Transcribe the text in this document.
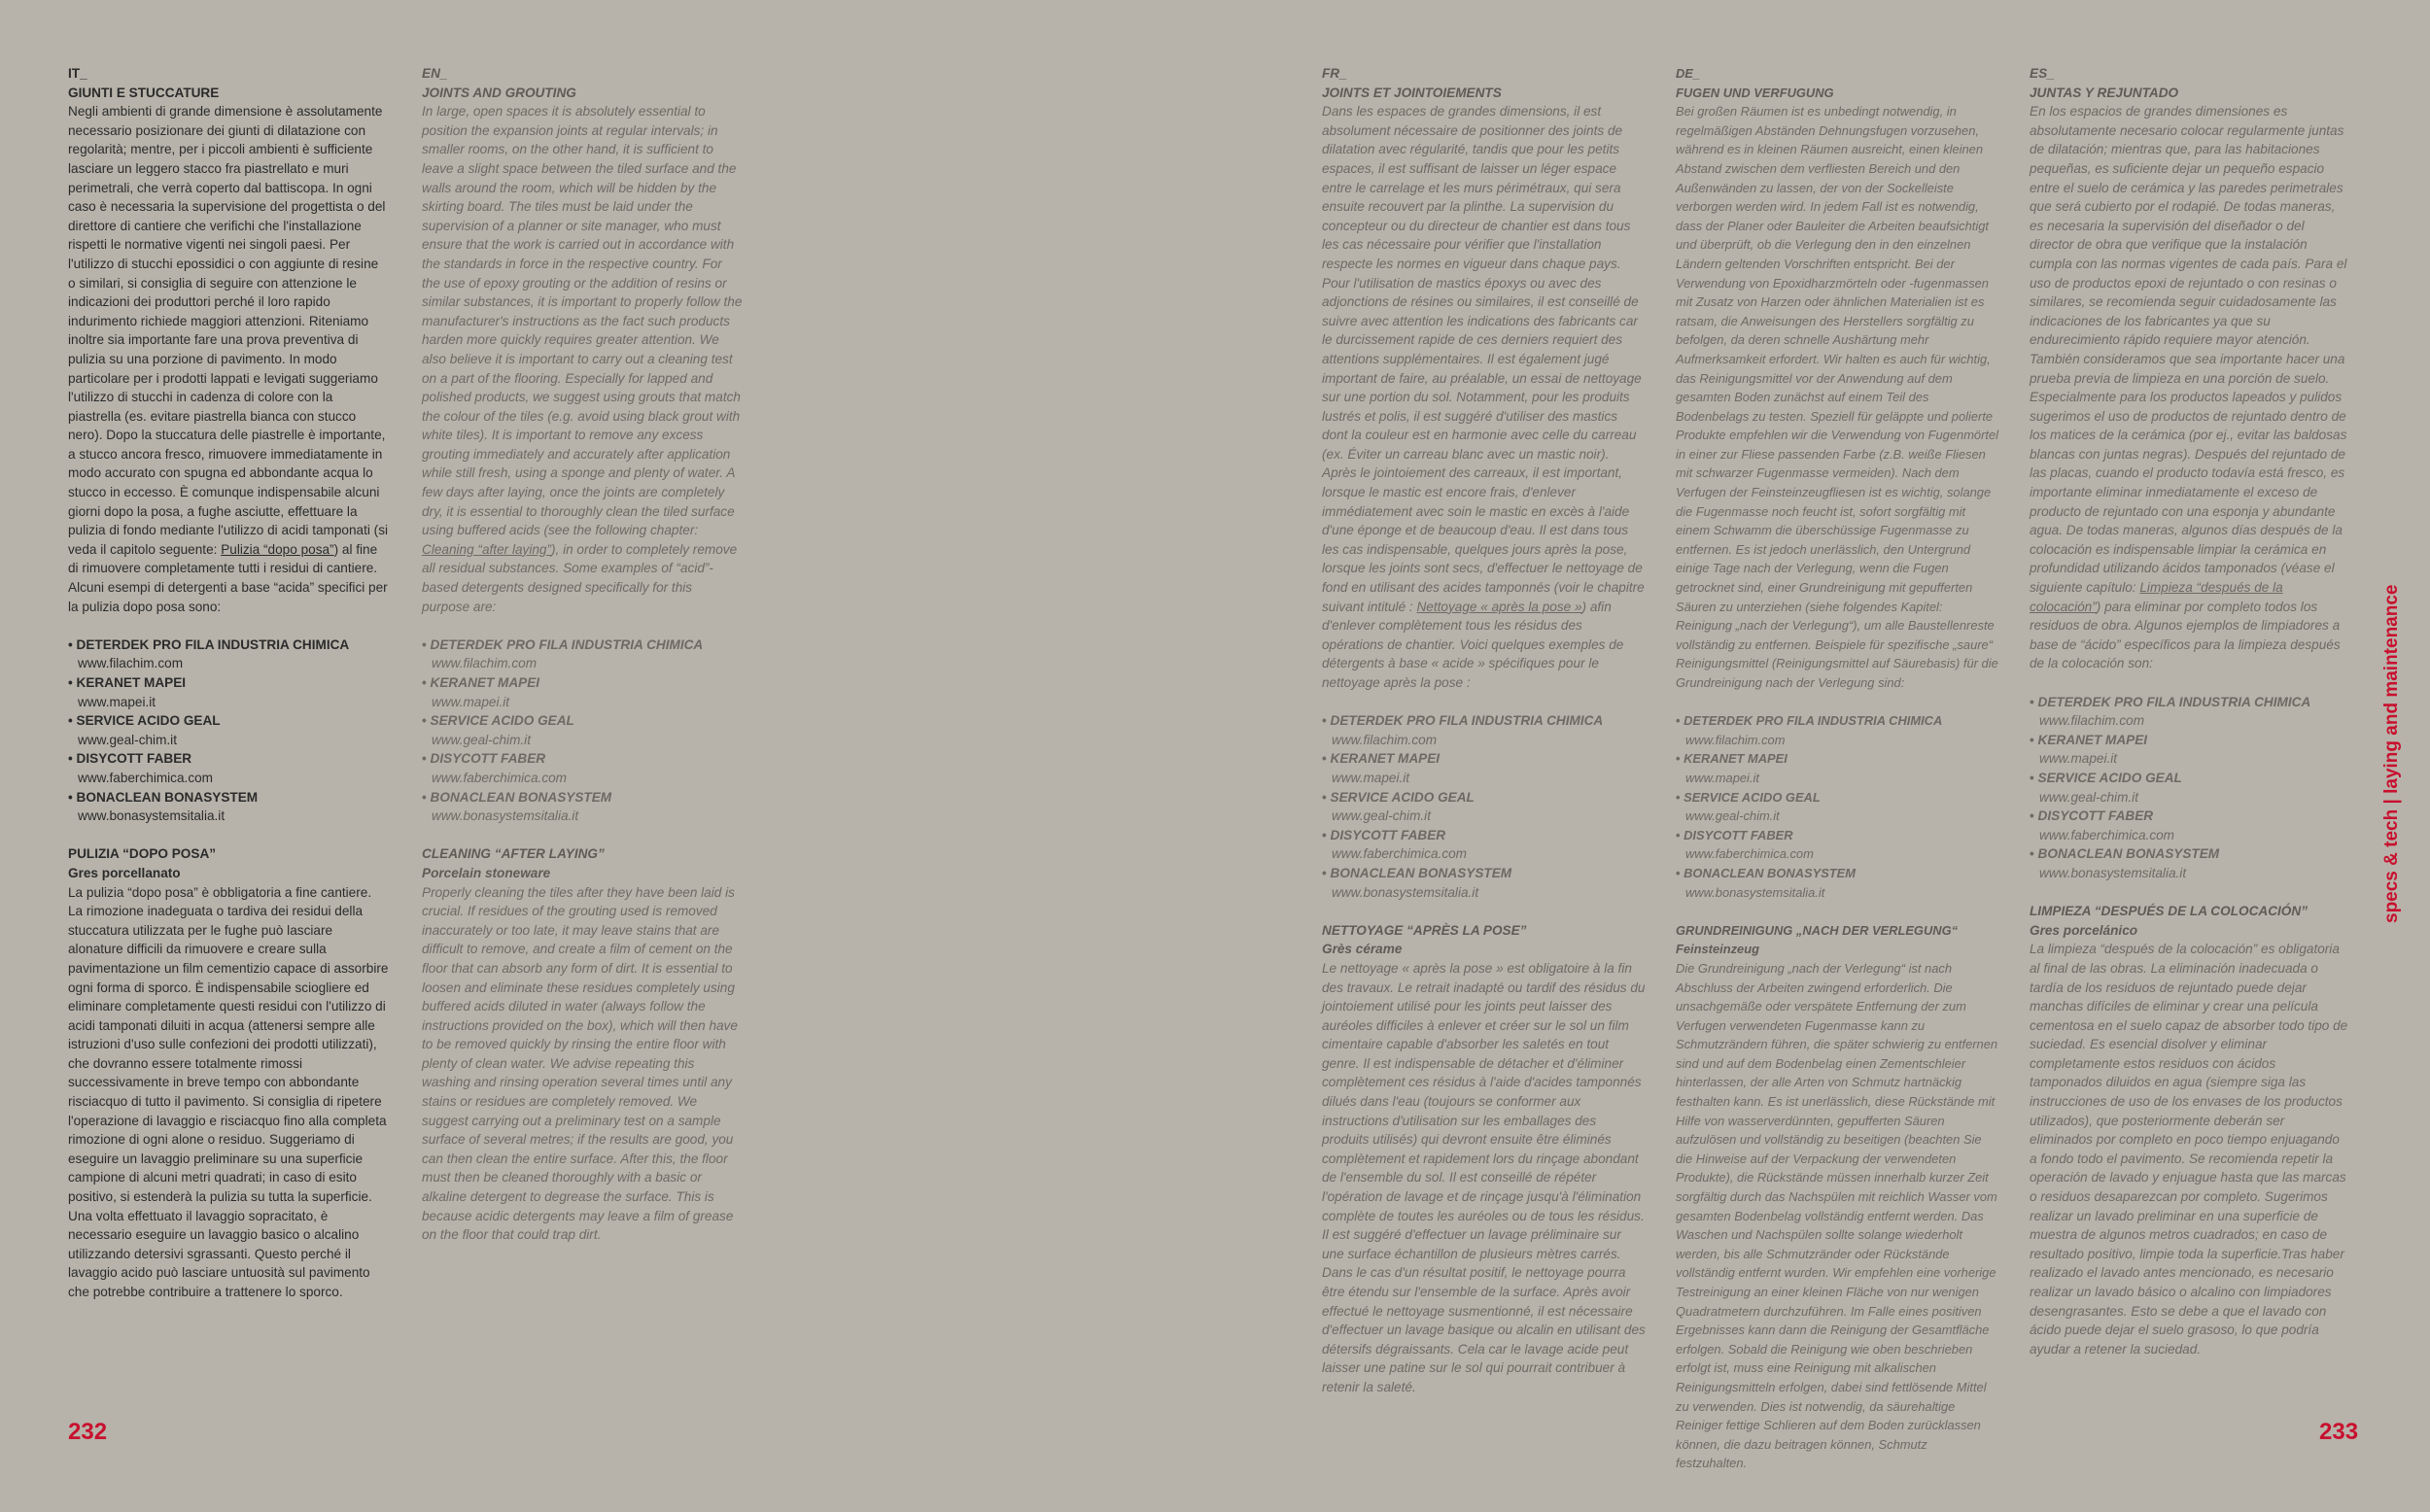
IT_
GIUNTI E STUCCATURE

Negli ambienti di grande dimensione è assolutamente necessario posizionare dei giunti di dilatazione con regolarità; mentre, per i piccoli ambienti è sufficiente lasciare un leggero stacco fra piastrellato e muri perimetrali, che verrà coperto dal battiscopa. In ogni caso è necessaria la supervisione del progettista o del direttore di cantiere che verifichi che l'installazione rispetti le normative vigenti nei singoli paesi. Per l'utilizzo di stucchi epossidici o con aggiunte di resine o similari, si consiglia di seguire con attenzione le indicazioni dei produttori perché il loro rapido indurimento richiede maggiori attenzioni. Riteniamo inoltre sia importante fare una prova preventiva di pulizia su una porzione di pavimento. In modo particolare per i prodotti lappati e levigati suggeriamo l'utilizzo di stucchi in cadenza di colore con la piastrella (es. evitare piastrella bianca con stucco nero). Dopo la stuccatura delle piastrelle è importante, a stucco ancora fresco, rimuovere immediatamente in modo accurato con spugna ed abbondante acqua lo stucco in eccesso. È comunque indispensabile alcuni giorni dopo la posa, a fughe asciutte, effettuare la pulizia di fondo mediante l'utilizzo di acidi tamponati (si veda il capitolo seguente: Pulizia “dopo posa”) al fine di rimuovere completamente tutti i residui di cantiere. Alcuni esempi di detergenti a base “acida” specifici per la pulizia dopo posa sono:

• DETERDEK PRO FILA INDUSTRIA CHIMICA
www.filachim.com
• KERANET MAPEI
www.mapei.it
• SERVICE ACIDO GEAL
www.geal-chim.it
• DISYCOTT FABER
www.faberchimica.com
• BONACLEAN BONASYSTEM
www.bonasystemsitalia.it
PULIZIA “DOPO POSA”
Gres porcellanato

La pulizia “dopo posa” è obbligatoria a fine cantiere. La rimozione inadeguata o tardiva dei residui della stuccatura utilizzata per le fughe può lasciare alonature difficili da rimuovere e creare sulla pavimentazione un film cementizio capace di assorbire ogni forma di sporco. È indispensabile sciogliere ed eliminare completamente questi residui con l'utilizzo di acidi tamponati diluiti in acqua (attenersi sempre alle istruzioni d'uso sulle confezioni dei prodotti utilizzati), che dovranno essere totalmente rimossi successivamente in breve tempo con abbondante risciacquo di tutto il pavimento. Si consiglia di ripetere l'operazione di lavaggio e risciacquo fino alla completa rimozione di ogni alone o residuo. Suggeriamo di eseguire un lavaggio preliminare su una superficie campione di alcuni metri quadrati; in caso di esito positivo, si estenderà la pulizia su tutta la superficie. Una volta effettuato il lavaggio sopracitato, è necessario eseguire un lavaggio basico o alcalino utilizzando detersivi sgrassanti. Questo perché il lavaggio acido può lasciare untuosità sul pavimento che potrebbe contribuire a trattenere lo sporco.

EN_
JOINTS AND GROUTING

In large, open spaces it is absolutely essential to position the expansion joints at regular intervals; in smaller rooms, on the other hand, it is sufficient to leave a slight space between the tiled surface and the walls around the room, which will be hidden by the skirting board. The tiles must be laid under the supervision of a planner or site manager, who must ensure that the work is carried out in accordance with the standards in force in the respective country. For the use of epoxy grouting or the addition of resins or similar substances, it is important to properly follow the manufacturer's instructions as the fact such products harden more quickly requires greater attention. We also believe it is important to carry out a cleaning test on a part of the flooring. Especially for lapped and polished products, we suggest using grouts that match the colour of the tiles (e.g. avoid using black grout with white tiles). It is important to remove any excess grouting immediately and accurately after application while still fresh, using a sponge and plenty of water. A few days after laying, once the joints are completely dry, it is essential to thoroughly clean the tiled surface using buffered acids (see the following chapter: Cleaning “after laying”), in order to completely remove all residual substances. Some examples of “acid”-based detergents designed specifically for this purpose are:

• DETERDEK PRO FILA INDUSTRIA CHIMICA
www.filachim.com
• KERANET MAPEI
www.mapei.it
• SERVICE ACIDO GEAL
www.geal-chim.it
• DISYCOTT FABER
www.faberchimica.com
• BONACLEAN BONASYSTEM
www.bonasystemsitalia.it
CLEANING “AFTER LAYING”
Porcelain stoneware

Properly cleaning the tiles after they have been laid is crucial. If residues of the grouting used is removed inaccurately or too late, it may leave stains that are difficult to remove, and create a film of cement on the floor that can absorb any form of dirt. It is essential to loosen and eliminate these residues completely using buffered acids diluted in water (always follow the instructions provided on the box), which will then have to be removed quickly by rinsing the entire floor with plenty of clean water. We advise repeating this washing and rinsing operation several times until any stains or residues are completely removed. We suggest carrying out a preliminary test on a sample surface of several metres; if the results are good, you can then clean the entire surface. After this, the floor must then be cleaned thoroughly with a basic or alkaline detergent to degrease the surface. This is because acidic detergents may leave a film of grease on the floor that could trap dirt.

FR_
JOINTS ET JOINTOIEMENTS

Dans les espaces de grandes dimensions, il est absolument nécessaire de positionner des joints de dilatation avec régularité, tandis que pour les petits espaces, il est suffisant de laisser un léger espace entre le carrelage et les murs périmétraux, qui sera ensuite recouvert par la plinthe. La supervision du concepteur ou du directeur de chantier est dans tous les cas nécessaire pour vérifier que l'installation respecte les normes en vigueur dans chaque pays. Pour l'utilisation de mastics époxys ou avec des adjonctions de résines ou similaires, il est conseillé de suivre avec attention les indications des fabricants car le durcissement rapide de ces derniers requiert des attentions supplémentaires. Il est également jugé important de faire, au préalable, un essai de nettoyage sur une portion du sol. Notamment, pour les produits lustrés et polis, il est suggéré d'utiliser des mastics dont la couleur est en harmonie avec celle du carreau (ex. Éviter un carreau blanc avec un mastic noir). Après le jointoiement des carreaux, il est important, lorsque le mastic est encore frais, d'enlever immédiatement avec soin le mastic en excès à l'aide d'une éponge et de beaucoup d'eau. Il est dans tous les cas indispensable, quelques jours après la pose, lorsque les joints sont secs, d'effectuer le nettoyage de fond en utilisant des acides tamponnés (voir le chapitre suivant intitulé : Nettoyage « après la pose ») afin d'enlever complètement tous les résidus des opérations de chantier. Voici quelques exemples de détergents à base « acide » spécifiques pour le nettoyage après la pose :

• DETERDEK PRO FILA INDUSTRIA CHIMICA
www.filachim.com
• KERANET MAPEI
www.mapei.it
• SERVICE ACIDO GEAL
www.geal-chim.it
• DISYCOTT FABER
www.faberchimica.com
• BONACLEAN BONASYSTEM
www.bonasystemsitalia.it
NETTOYAGE “APRÈS LA POSE”
Grès cérame

Le nettoyage « après la pose » est obligatoire à la fin des travaux. Le retrait inadapté ou tardif des résidus du jointoiement utilisé pour les joints peut laisser des auréoles difficiles à enlever et créer sur le sol un film cimentaire capable d'absorber les saletés en tout genre. Il est indispensable de détacher et d'éliminer complètement ces résidus à l'aide d'acides tamponnés dilués dans l'eau (toujours se conformer aux instructions d'utilisation sur les emballages des produits utilisés) qui devront ensuite être éliminés complètement et rapidement lors du rinçage abondant de l'ensemble du sol. Il est conseillé de répéter l'opération de lavage et de rinçage jusqu'à l'élimination complète de toutes les auréoles ou de tous les résidus. Il est suggéré d'effectuer un lavage préliminaire sur une surface échantillon de plusieurs mètres carrés. Dans le cas d'un résultat positif, le nettoyage pourra être étendu sur l'ensemble de la surface. Après avoir effectué le nettoyage susmentionné, il est nécessaire d'effectuer un lavage basique ou alcalin en utilisant des détersifs dégraissants. Cela car le lavage acide peut laisser une patine sur le sol qui pourrait contribuer à retenir la saleté.

DE_
FUGEN UND VERFUGUNG

Bei großen Räumen ist es unbedingt notwendig, in regelmäßigen Abständen Dehnungsfugen vorzusehen, während es in kleinen Räumen ausreicht, einen kleinen Abstand zwischen dem verfliesten Bereich und den Außenwänden zu lassen, der von der Sockelleiste verborgen werden wird. In jedem Fall ist es notwendig, dass der Planer oder Bauleiter die Arbeiten beaufsichtigt und überprüft, ob die Verlegung den in den einzelnen Ländern geltenden Vorschriften entspricht. Bei der Verwendung von Epoxidharzmörteln oder -fugenmassen mit Zusatz von Harzen oder ähnlichen Materialien ist es ratsam, die Anweisungen des Herstellers sorgfältig zu befolgen, da deren schnelle Aushärtung mehr Aufmerksamkeit erfordert. Wir halten es auch für wichtig, das Reinigungsmittel vor der Anwendung auf dem gesamten Boden zunächst auf einem Teil des Bodenbelags zu testen. Speziell für geläppte und polierte Produkte empfehlen wir die Verwendung von Fugenmörtel in einer zur Fliese passenden Farbe (z.B. weiße Fliesen mit schwarzer Fugenmasse vermeiden). Nach dem Verfugen der Feinsteinzeugfliesen ist es wichtig, solange die Fugenmasse noch feucht ist, sofort sorgfältig mit einem Schwamm die überschüssige Fugenmasse zu entfernen. Es ist jedoch unerlässlich, den Untergrund einige Tage nach der Verlegung, wenn die Fugen getrocknet sind, einer Grundreinigung mit gepufferten Säuren zu unterziehen (siehe folgendes Kapitel: Reinigung „nach der Verlegung“), um alle Baustellenreste vollständig zu entfernen. Beispiele für spezifische „saure“ Reinigungsmittel (Reinigungsmittel auf Säurebasis) für die Grundreinigung nach der Verlegung sind:

• DETERDEK PRO FILA INDUSTRIA CHIMICA
www.filachim.com
• KERANET MAPEI
www.mapei.it
• SERVICE ACIDO GEAL
www.geal-chim.it
• DISYCOTT FABER
www.faberchimica.com
• BONACLEAN BONASYSTEM
www.bonasystemsitalia.it
GRUNDREINIGUNG „NACH DER VERLEGUNG“
Feinsteinzeug

Die Grundreinigung „nach der Verlegung“ ist nach Abschluss der Arbeiten zwingend erforderlich. Die unsachgemäße oder verspätete Entfernung der zum Verfugen verwendeten Fugenmasse kann zu Schmutzrändern führen, die später schwierig zu entfernen sind und auf dem Bodenbelag einen Zementschleier hinterlassen, der alle Arten von Schmutz hartnäckig festhalten kann. Es ist unerlässlich, diese Rückstände mit Hilfe von wasserverdünnten, gepufferten Säuren aufzulösen und vollständig zu beseitigen (beachten Sie die Hinweise auf der Verpackung der verwendeten Produkte), die Rückstände müssen innerhalb kurzer Zeit sorgfältig durch das Nachspülen mit reichlich Wasser vom gesamten Bodenbelag vollständig entfernt werden. Das Waschen und Nachspülen sollte solange wiederholt werden, bis alle Schmutzränder oder Rückstände vollständig entfernt wurden. Wir empfehlen eine vorherige Testreinigung an einer kleinen Fläche von nur wenigen Quadratmetern durchzuführen. Im Falle eines positiven Ergebnisses kann dann die Reinigung der Gesamtfläche erfolgen. Sobald die Reinigung wie oben beschrieben erfolgt ist, muss eine Reinigung mit alkalischen Reinigungsmitteln erfolgen, dabei sind fettlösende Mittel zu verwenden. Dies ist notwendig, da säurehaltige Reiniger fettige Schlieren auf dem Boden zurücklassen können, die dazu beitragen können, Schmutz festzuhalten.

ES_
JUNTAS Y REJUNTADO

En los espacios de grandes dimensiones es absolutamente necesario colocar regularmente juntas de dilatación; mientras que, para las habitaciones pequeñas, es suficiente dejar un pequeño espacio entre el suelo de cerámica y las paredes perimetrales que será cubierto por el rodapié. De todas maneras, es necesaria la supervisión del diseñador o del director de obra que verifique que la instalación cumpla con las normas vigentes de cada país. Para el uso de productos epoxi de rejuntado o con resinas o similares, se recomienda seguir cuidadosamente las indicaciones de los fabricantes ya que su endurecimiento rápido requiere mayor atención. También consideramos que sea importante hacer una prueba previa de limpieza en una porción de suelo. Especialmente para los productos lapeados y pulidos sugerimos el uso de productos de rejuntado dentro de los matices de la cerámica (por ej., evitar las baldosas blancas con juntas negras). Después del rejuntado de las placas, cuando el producto todavía está fresco, es importante eliminar inmediatamente el exceso de producto de rejuntado con una esponja y abundante agua. De todas maneras, algunos días después de la colocación es indispensable limpiar la cerámica en profundidad utilizando ácidos tamponados (véase el siguiente capítulo: Limpieza “después de la colocación”) para eliminar por completo todos los residuos de obra. Algunos ejemplos de limpiadores a base de “ácido” específicos para la limpieza después de la colocación son:

• DETERDEK PRO FILA INDUSTRIA CHIMICA
www.filachim.com
• KERANET MAPEI
www.mapei.it
• SERVICE ACIDO GEAL
www.geal-chim.it
• DISYCOTT FABER
www.faberchimica.com
• BONACLEAN BONASYSTEM
www.bonasystemsitalia.it
LIMPIEZA “DESPUÉS DE LA COLOCACIÓN”
Gres porcelánico

La limpieza “después de la colocación” es obligatoria al final de las obras. La eliminación inadecuada o tardía de los residuos de rejuntado puede dejar manchas difíciles de eliminar y crear una película cementosa en el suelo capaz de absorber todo tipo de suciedad. Es esencial disolver y eliminar completamente estos residuos con ácidos tamponados diluidos en agua (siempre siga las instrucciones de uso de los envases de los productos utilizados), que posteriormente deberán ser eliminados por completo en poco tiempo enjuagando a fondo todo el pavimento. Se recomienda repetir la operación de lavado y enjuague hasta que las marcas o residuos desaparezcan por completo. Sugerimos realizar un lavado preliminar en una superficie de muestra de algunos metros cuadrados; en caso de resultado positivo, limpie toda la superficie.Tras haber realizado el lavado antes mencionado, es necesario realizar un lavado básico o alcalino con limpiadores desengrasantes. Esto se debe a que el lavado con ácido puede dejar el suelo grasoso, lo que podría ayudar a retener la suciedad.

232	233
specs & tech | laying and maintenance
